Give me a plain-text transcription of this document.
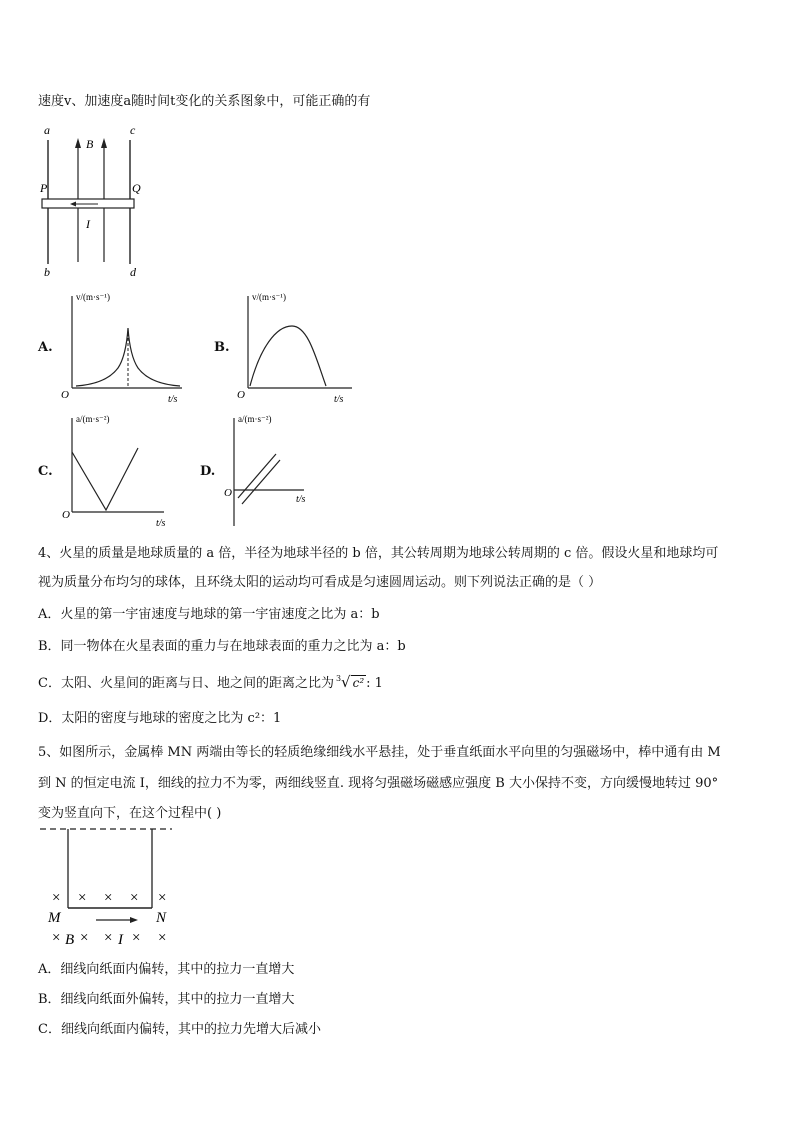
速度v、加速度a随时间t变化的关系图象中，可能正确的有
a	c
B
P	Q
I
b	d
A.
v/(m·s⁻¹)
O	t/s
B.
v/(m·s⁻¹)
O	t/s
C.
a/(m·s⁻²)
O
t/s
D.
a/(m·s⁻²)
O
t/s
4、火星的质量是地球质量的 a 倍，半径为地球半径的 b 倍，其公转周期为地球公转周期的 c 倍。假设火星和地球均可
视为质量分布均匀的球体，且环绕太阳的运动均可看成是匀速圆周运动。则下列说法正确的是（ ）
A．火星的第一宇宙速度与地球的第一宇宙速度之比为 a：b
B．同一物体在火星表面的重力与在地球表面的重力之比为 a：b
C．太阳、火星间的距离与日、地之间的距离之比为 $^3$√ c² : 1
D．太阳的密度与地球的密度之比为 c²：1
5、如图所示，金属棒 MN 两端由等长的轻质绝缘细线水平悬挂，处于垂直纸面水平向里的匀强磁场中，棒中通有由 M
到 N 的恒定电流 I，细线的拉力不为零，两细线竖直. 现将匀强磁场磁感应强度 B 大小保持不变，方向缓慢地转过 90°
变为竖直向下，在这个过程中( )
× × × × ×
M	N
× B × × I × ×
A．细线向纸面内偏转，其中的拉力一直增大
B．细线向纸面外偏转，其中的拉力一直增大
C．细线向纸面内偏转，其中的拉力先增大后减小
